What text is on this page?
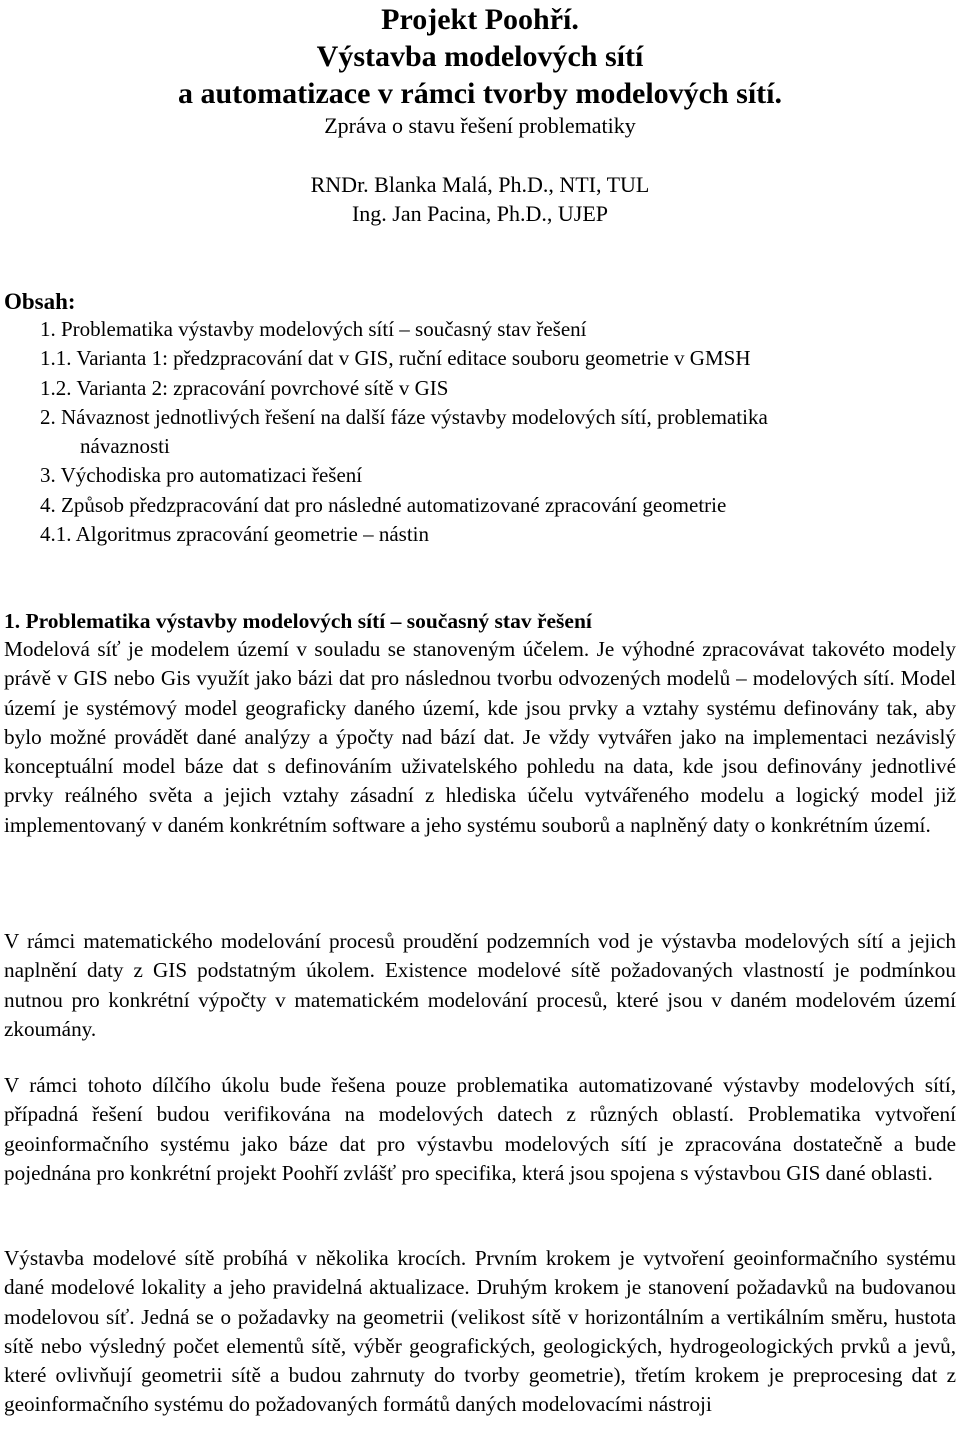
Projekt Poohří.
Výstavba modelových sítí
a automatizace v rámci tvorby modelových sítí.
Zpráva o stavu řešení problematiky
RNDr. Blanka Malá, Ph.D., NTI, TUL
Ing. Jan Pacina, Ph.D., UJEP
Obsah:
1. Problematika výstavby modelových sítí – současný stav řešení
1.1. Varianta 1: předzpracování dat v GIS, ruční editace souboru geometrie v GMSH
1.2. Varianta 2: zpracování povrchové sítě v GIS
2. Návaznost jednotlivých řešení na další fáze výstavby modelových sítí, problematika
návaznosti
3. Východiska pro automatizaci řešení
4. Způsob předzpracování dat pro následné automatizované zpracování geometrie
4.1. Algoritmus zpracování geometrie – nástin
1. Problematika výstavby modelových sítí – současný stav řešení

Modelová síť je modelem území v souladu se stanoveným účelem. Je výhodné zpracovávat takovéto modely právě v GIS nebo Gis využít jako bázi dat pro následnou tvorbu odvozených modelů – modelových sítí. Model území je systémový model geograficky daného území, kde jsou prvky a vztahy systému definovány tak, aby bylo možné provádět dané analýzy a ýpočty nad bází dat. Je vždy vytvářen jako na implementaci nezávislý konceptuální model báze dat s definováním uživatelského pohledu na data, kde jsou definovány jednotlivé prvky reálného světa a jejich vztahy zásadní z hlediska účelu vytvářeného modelu a logický model již implementovaný v daném konkrétním software a jeho systému souborů a naplněný daty o konkrétním území.

V rámci matematického modelování procesů proudění podzemních vod je výstavba modelových sítí a jejich naplnění daty z GIS podstatným úkolem. Existence modelové sítě požadovaných vlastností je podmínkou nutnou pro konkrétní výpočty v matematickém modelování procesů, které jsou v daném modelovém území zkoumány.

V rámci tohoto dílčího úkolu bude řešena pouze problematika automatizované výstavby modelových sítí, případná řešení budou verifikována na modelových datech z různých oblastí. Problematika vytvoření geoinformačního systému jako báze dat pro výstavbu modelových sítí je zpracována dostatečně a bude pojednána pro konkrétní projekt Poohří zvlášť pro specifika, která jsou spojena s výstavbou GIS dané oblasti.

Výstavba modelové sítě probíhá v několika krocích. Prvním krokem je vytvoření geoinformačního systému dané modelové lokality a jeho pravidelná aktualizace. Druhým krokem je stanovení požadavků na budovanou modelovou síť. Jedná se o požadavky na geometrii (velikost sítě v horizontálním a vertikálním směru, hustota sítě nebo výsledný počet elementů sítě, výběr geografických, geologických, hydrogeologických prvků a jevů, které ovlivňují geometrii sítě a budou zahrnuty do tvorby geometrie), třetím krokem je preprocesing dat z geoinformačního systému do požadovaných formátů daných modelovacími nástroji
